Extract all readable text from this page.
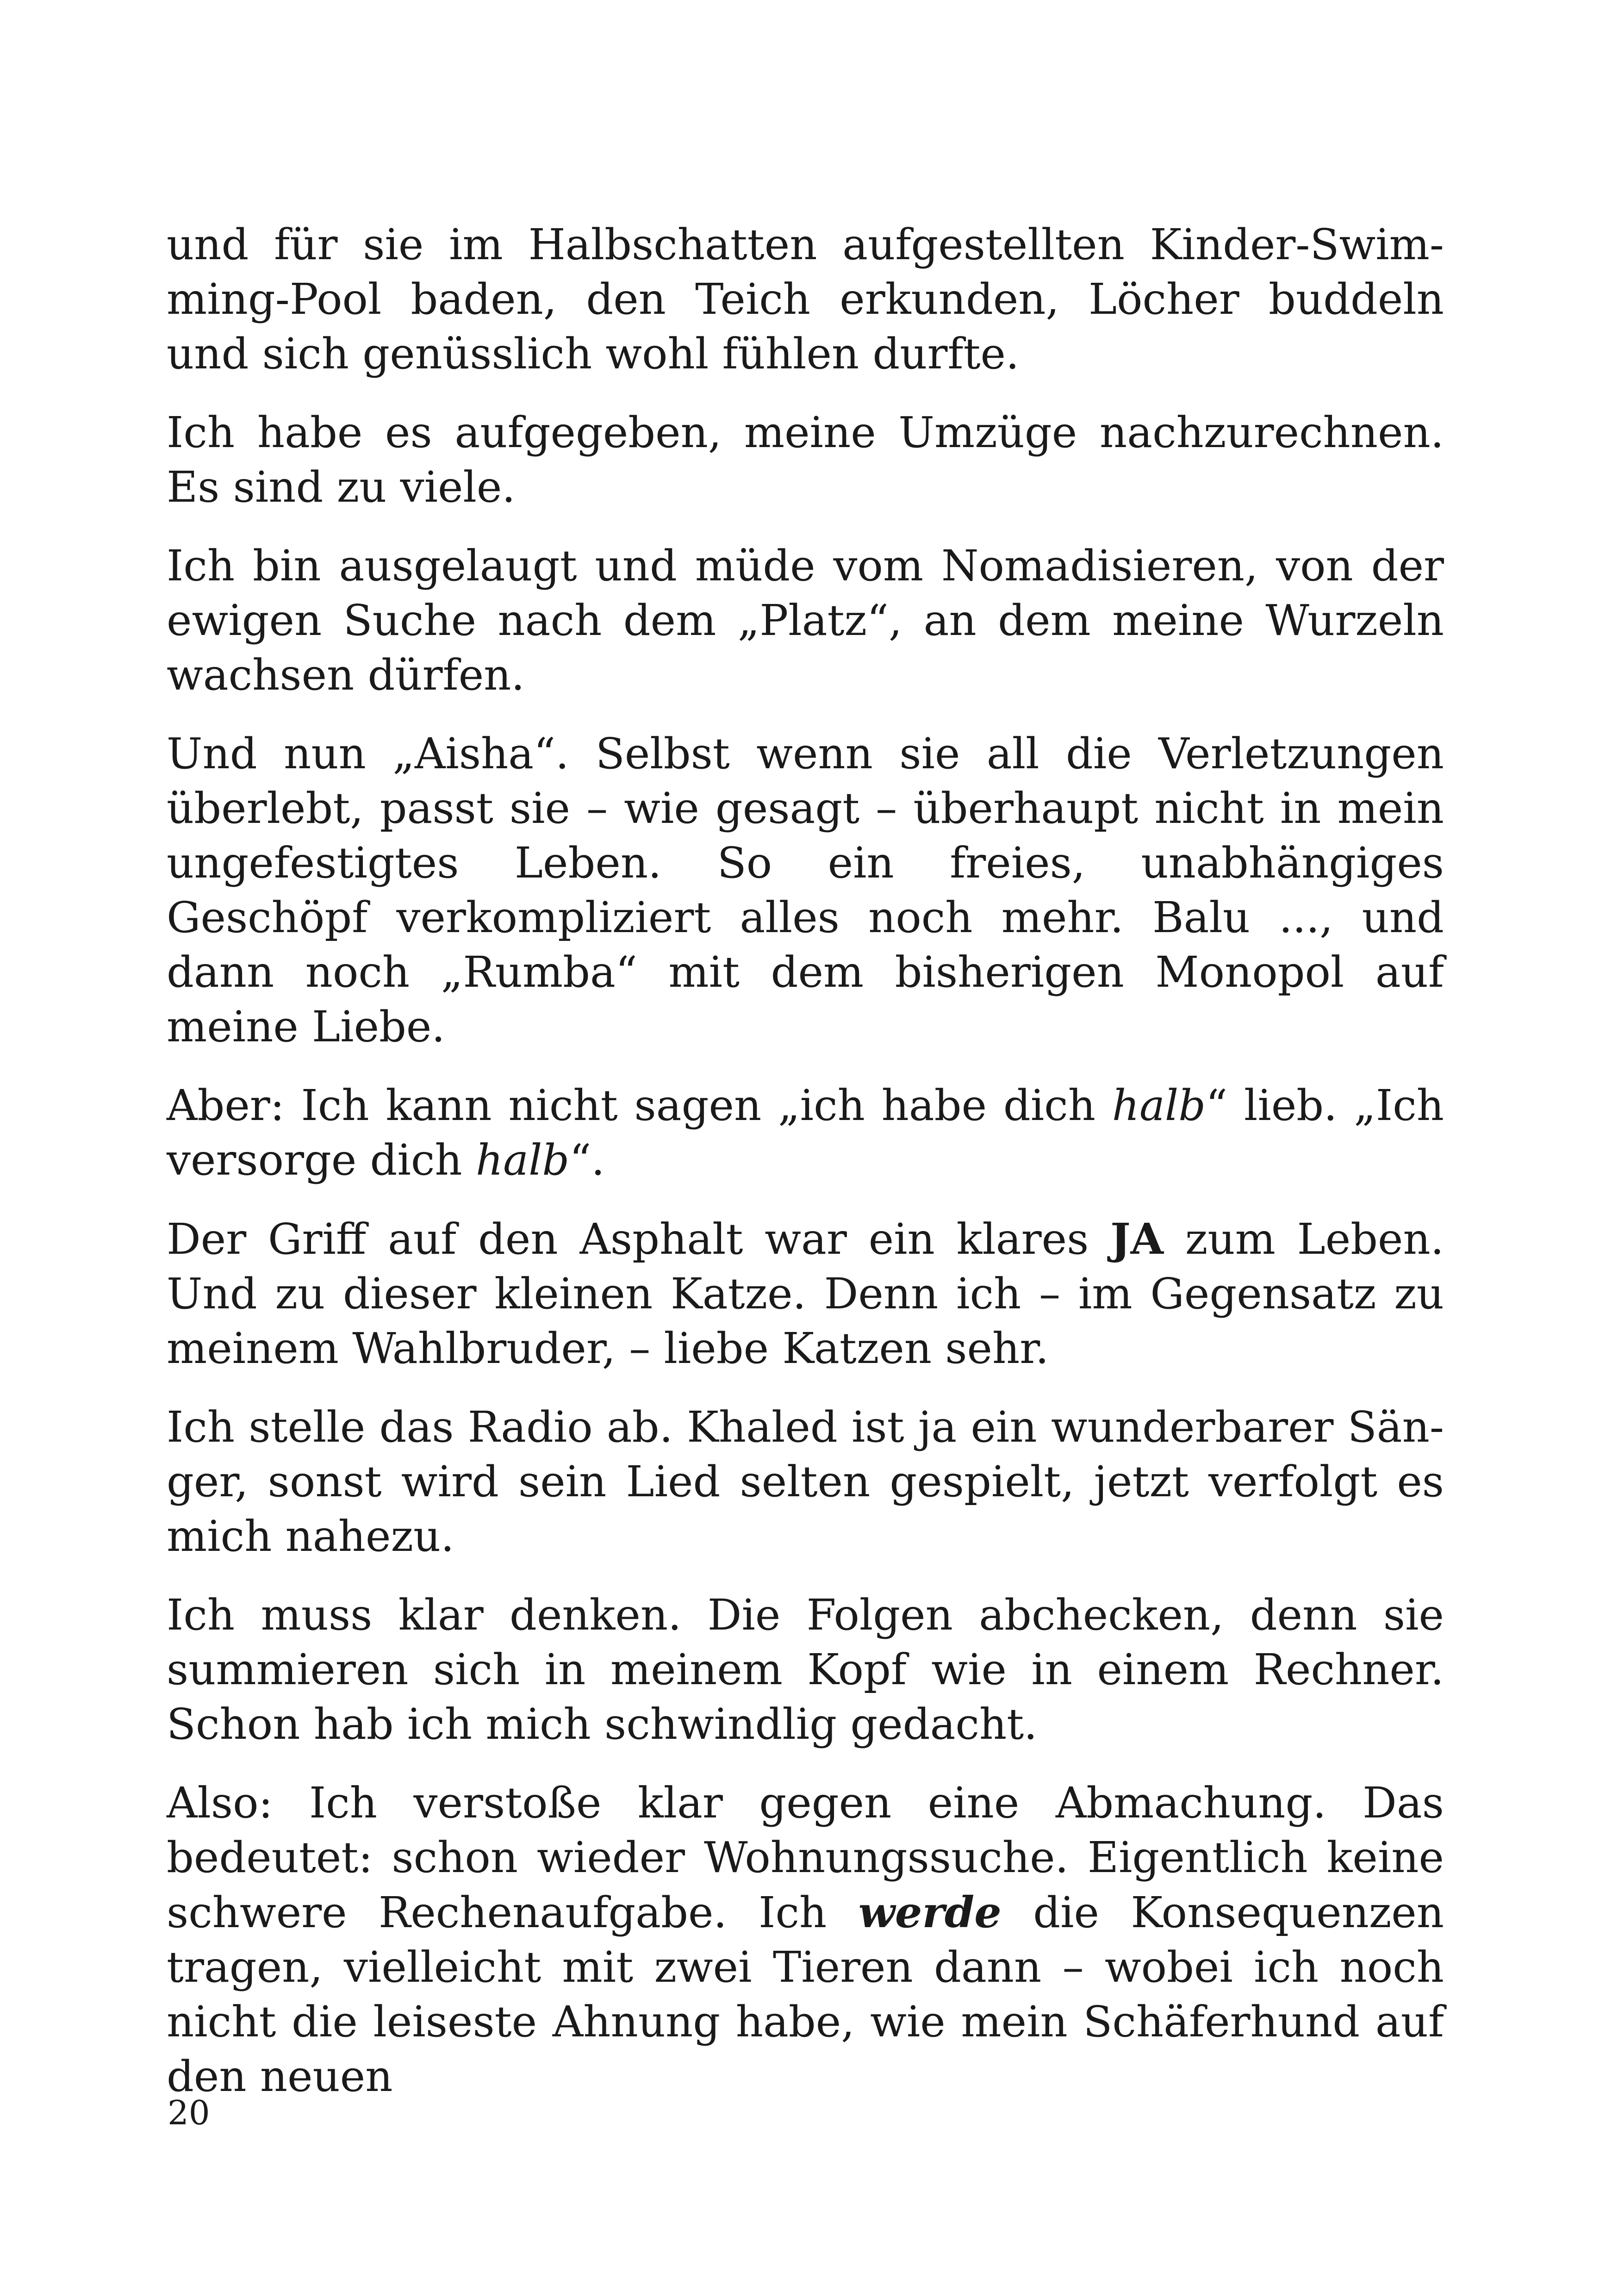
und für sie im Halbschatten aufgestellten Kinder-Swimming-Pool baden, den Teich erkunden, Löcher buddeln und sich genüsslich wohl fühlen durfte.

Ich habe es aufgegeben, meine Umzüge nachzurechnen. Es sind zu viele.

Ich bin ausgelaugt und müde vom Nomadisieren, von der ewigen Suche nach dem „Platz“, an dem meine Wurzeln wachsen dürfen.

Und nun „Aisha“. Selbst wenn sie all die Verletzungen überlebt, passt sie – wie gesagt – überhaupt nicht in mein ungefestigtes Leben. So ein freies, unabhängiges Geschöpf verkompliziert alles noch mehr. Balu ..., und dann noch „Rumba“ mit dem bisherigen Monopol auf meine Liebe.

Aber: Ich kann nicht sagen „ich habe dich halb“ lieb. „Ich versorge dich halb“.

Der Griff auf den Asphalt war ein klares JA zum Leben. Und zu dieser kleinen Katze. Denn ich – im Gegensatz zu meinem Wahlbruder, – liebe Katzen sehr.

Ich stelle das Radio ab. Khaled ist ja ein wunderbarer Sänger, sonst wird sein Lied selten gespielt, jetzt verfolgt es mich nahezu.

Ich muss klar denken. Die Folgen abchecken, denn sie summieren sich in meinem Kopf wie in einem Rechner. Schon hab ich mich schwindlig gedacht.

Also: Ich verstoße klar gegen eine Abmachung. Das bedeutet: schon wieder Wohnungssuche. Eigentlich keine schwere Rechenaufgabe. Ich werde die Konsequenzen tragen, vielleicht mit zwei Tieren dann – wobei ich noch nicht die leiseste Ahnung habe, wie mein Schäferhund auf den neuen

20
